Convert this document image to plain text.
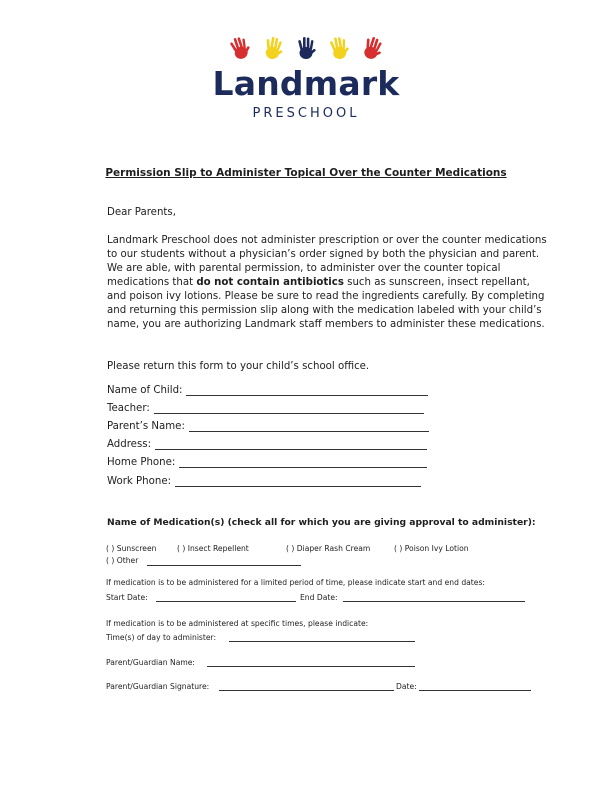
Landmark
PRESCHOOL
Permission Slip to Administer Topical Over the Counter Medications
Dear Parents,
Landmark Preschool does not administer prescription or over the counter medications to our students without a physician’s order signed by both the physician and parent. We are able, with parental permission, to administer over the counter topical medications that do not contain antibiotics such as sunscreen, insect repellant, and poison ivy lotions. Please be sure to read the ingredients carefully. By completing and returning this permission slip along with the medication labeled with your child’s name, you are authorizing Landmark staff members to administer these medications.
Please return this form to your child’s school office.
Name of Child:
Teacher:
Parent’s Name:
Address:
Home Phone:
Work Phone:
Name of Medication(s) (check all for which you are giving approval to administer):
( ) Sunscreen	( ) Insect Repellent	( ) Diaper Rash Cream	( ) Poison Ivy Lotion
( ) Other
If medication is to be administered for a limited period of time, please indicate start and end dates:
Start Date:	End Date:
If medication is to be administered at specific times, please indicate:
Time(s) of day to administer:
Parent/Guardian Name:
Parent/Guardian Signature:	Date:
